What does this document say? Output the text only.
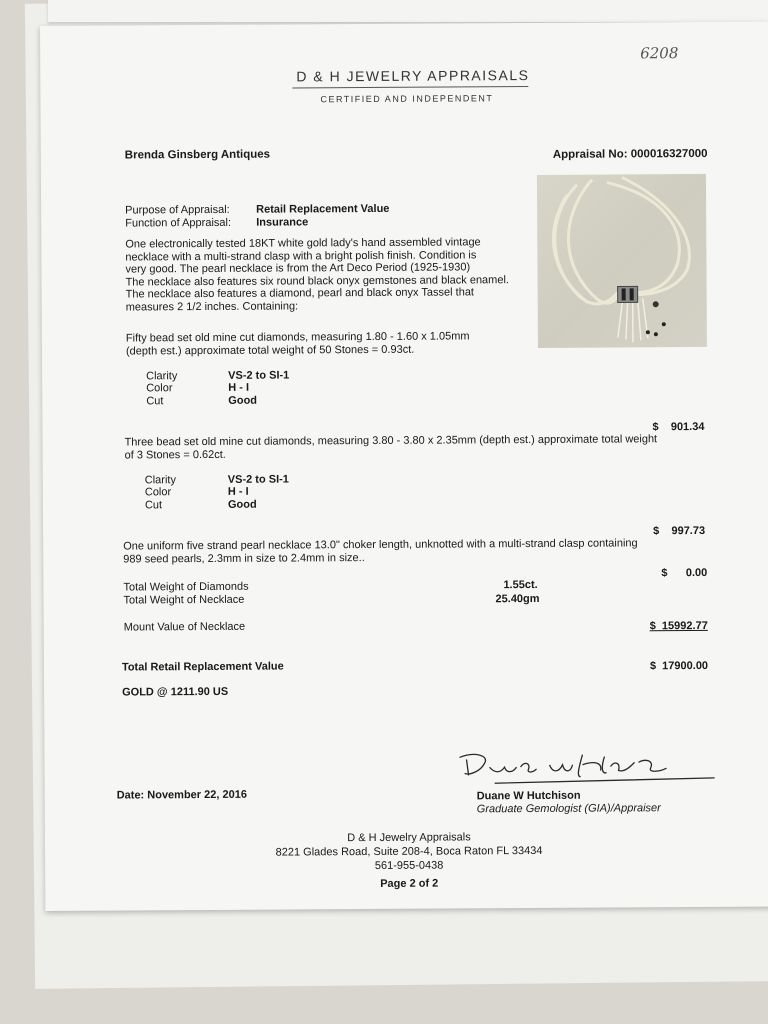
6208
D & H JEWELRY APPRAISALS
CERTIFIED AND INDEPENDENT
Brenda Ginsberg Antiques	Appraisal No: 000016327000
Purpose of Appraisal: Retail Replacement Value
Function of Appraisal: Insurance
One electronically tested 18KT white gold lady's hand assembled vintage
necklace with a multi-strand clasp with a bright polish finish. Condition is
very good. The pearl necklace is from the Art Deco Period (1925-1930)
The necklace also features six round black onyx gemstones and black enamel.
The necklace also features a diamond, pearl and black onyx Tassel that
measures 2 1/2 inches. Containing:
Fifty bead set old mine cut diamonds, measuring 1.80 - 1.60 x 1.05mm
(depth est.) approximate total weight of 50 Stones = 0.93ct.
Clarity	VS-2 to SI-1
Color	H - I
Cut	Good
$    901.34
Three bead set old mine cut diamonds, measuring 3.80 - 3.80 x 2.35mm (depth est.) approximate total weight
of 3 Stones = 0.62ct.
Clarity	VS-2 to SI-1
Color	H - I
Cut	Good
$    997.73
One uniform five strand pearl necklace 13.0" choker length, unknotted with a multi-strand clasp containing
989 seed pearls, 2.3mm in size to 2.4mm in size..
$      0.00
Total Weight of Diamonds	1.55ct.
Total Weight of Necklace	25.40gm
Mount Value of Necklace	$  15992.77
Total Retail Replacement Value	$  17900.00
GOLD @ 1211.90 US
Duane W Hutchison
Graduate Gemologist (GIA)/Appraiser
Date: November 22, 2016
D & H Jewelry Appraisals
8221 Glades Road, Suite 208-4, Boca Raton FL 33434
561-955-0438
Page 2 of 2
